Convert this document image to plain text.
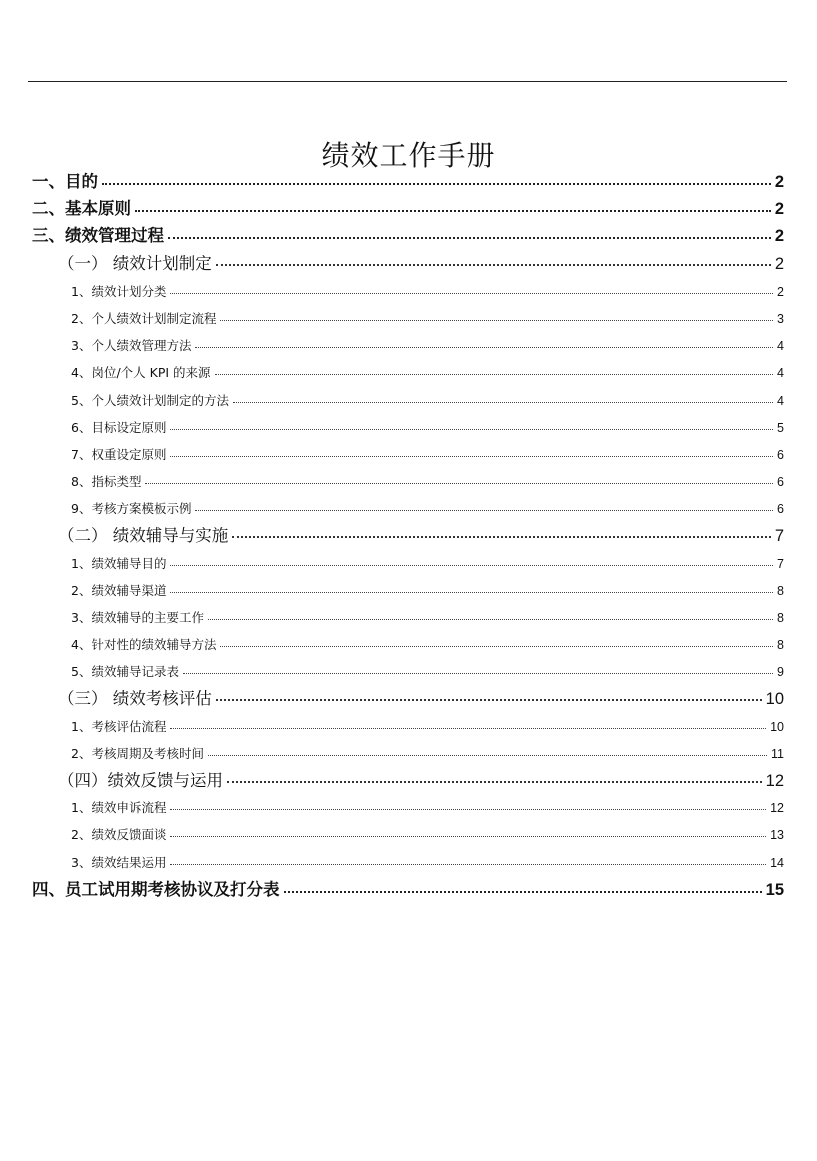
绩效工作手册
一、目的	2
二、基本原则	2
三、绩效管理过程	2
（一） 绩效计划制定	2
1、绩效计划分类	2
2、个人绩效计划制定流程	3
3、个人绩效管理方法	4
4、岗位/个人 KPI 的来源	4
5、个人绩效计划制定的方法	4
6、目标设定原则	5
7、权重设定原则	6
8、指标类型	6
9、考核方案模板示例	6
（二） 绩效辅导与实施	7
1、绩效辅导目的	7
2、绩效辅导渠道	8
3、绩效辅导的主要工作	8
4、针对性的绩效辅导方法	8
5、绩效辅导记录表	9
（三） 绩效考核评估	10
1、考核评估流程	10
2、考核周期及考核时间	11
（四）绩效反馈与运用	12
1、绩效申诉流程	12
2、绩效反馈面谈	13
3、绩效结果运用	14
四、员工试用期考核协议及打分表	15
